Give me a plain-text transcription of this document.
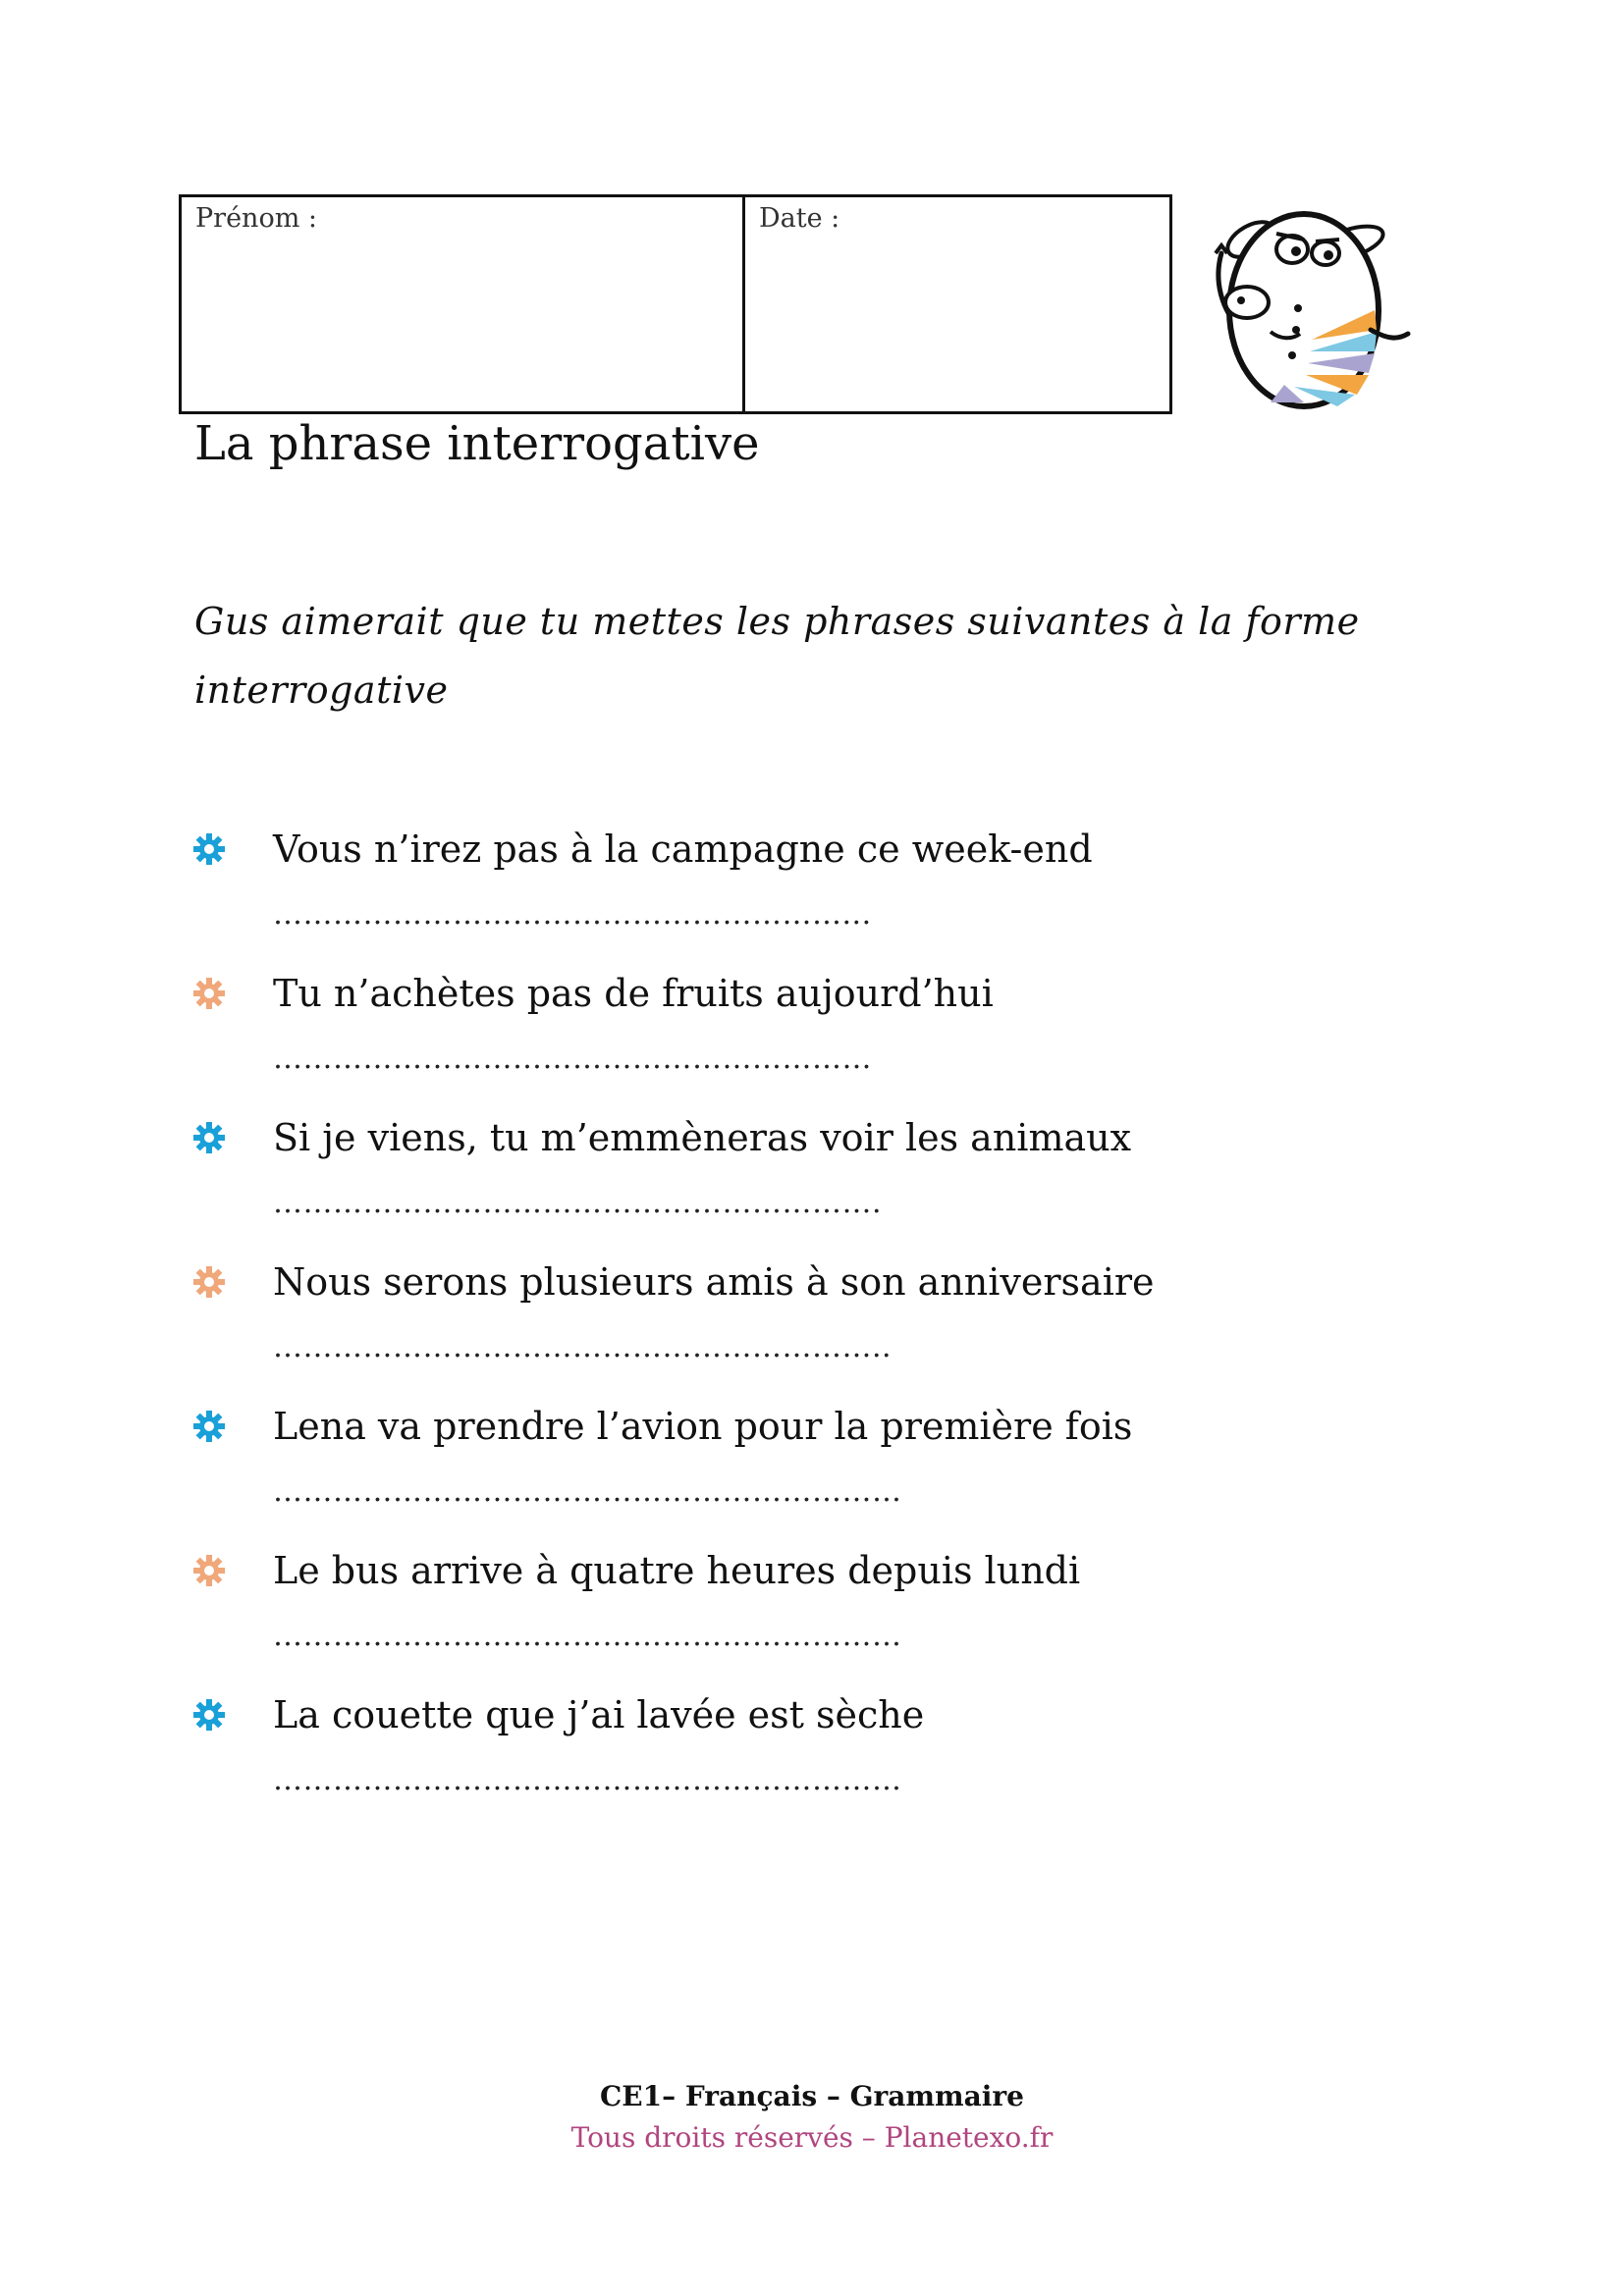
Prénom :	Date :
La phrase interrogative
Gus aimerait que tu mettes les phrases suivantes à la forme interrogative
Vous n’irez pas à la campagne ce week-end
…………………………………………………...
Tu n’achètes pas de fruits aujourd’hui
……………………………………………………
Si je viens, tu m’emmèneras voir les animaux
…………………………………………………….
Nous serons plusieurs amis à son anniversaire
……………………………………………………..
Lena va prendre l’avion pour la première fois
………………………………………………………
Le bus arrive à quatre heures depuis lundi
………………………………………………………
La couette que j’ai lavée est sèche
………………………………………………………
CE1– Français – Grammaire
Tous droits réservés – Planetexo.fr
